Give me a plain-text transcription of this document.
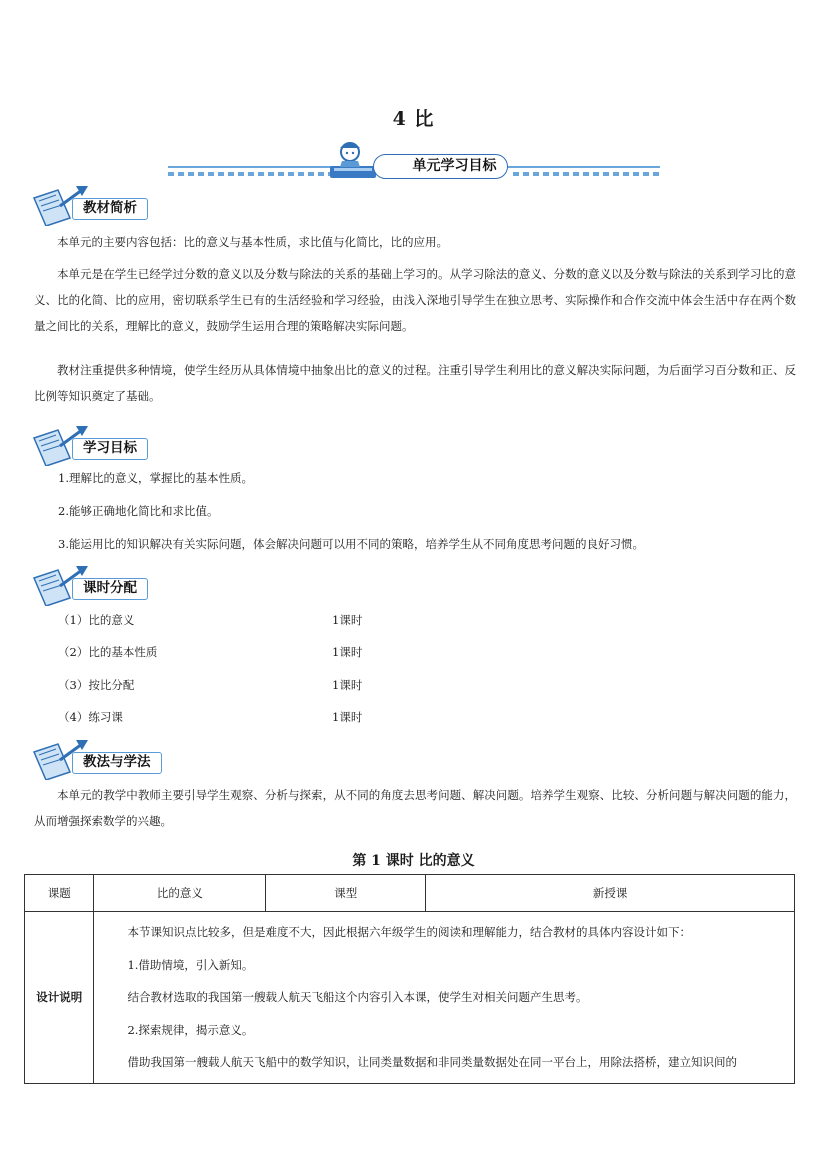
4 比
单元学习目标
教材简析
本单元的主要内容包括：比的意义与基本性质，求比值与化简比，比的应用。
本单元是在学生已经学过分数的意义以及分数与除法的关系的基础上学习的。从学习除法的意义、分数的意义以及分数与除法的关系到学习比的意义、比的化简、比的应用，密切联系学生已有的生活经验和学习经验，由浅入深地引导学生在独立思考、实际操作和合作交流中体会生活中存在两个数量之间比的关系，理解比的意义，鼓励学生运用合理的策略解决实际问题。
教材注重提供多种情境，使学生经历从具体情境中抽象出比的意义的过程。注重引导学生利用比的意义解决实际问题，为后面学习百分数和正、反比例等知识奠定了基础。
学习目标
1.理解比的意义，掌握比的基本性质。
2.能够正确地化简比和求比值。
3.能运用比的知识解决有关实际问题，体会解决问题可以用不同的策略，培养学生从不同角度思考问题的良好习惯。
课时分配
（1）比的意义	1课时
（2）比的基本性质	1课时
（3）按比分配	1课时
（4）练习课	1课时
教法与学法
本单元的教学中教师主要引导学生观察、分析与探索，从不同的角度去思考问题、解决问题。培养学生观察、比较、分析问题与解决问题的能力，从而增强探索数学的兴趣。
第 1 课时 比的意义
课题	比的意义	课型	新授课
设计说明	本节课知识点比较多，但是难度不大，因此根据六年级学生的阅读和理解能力，结合教材的具体内容设计如下：
1.借助情境，引入新知。
结合教材选取的我国第一艘载人航天飞船这个内容引入本课，使学生对相关问题产生思考。
2.探索规律，揭示意义。
借助我国第一艘载人航天飞船中的数学知识，让同类量数据和非同类量数据处在同一平台上，用除法搭桥，建立知识间的		
